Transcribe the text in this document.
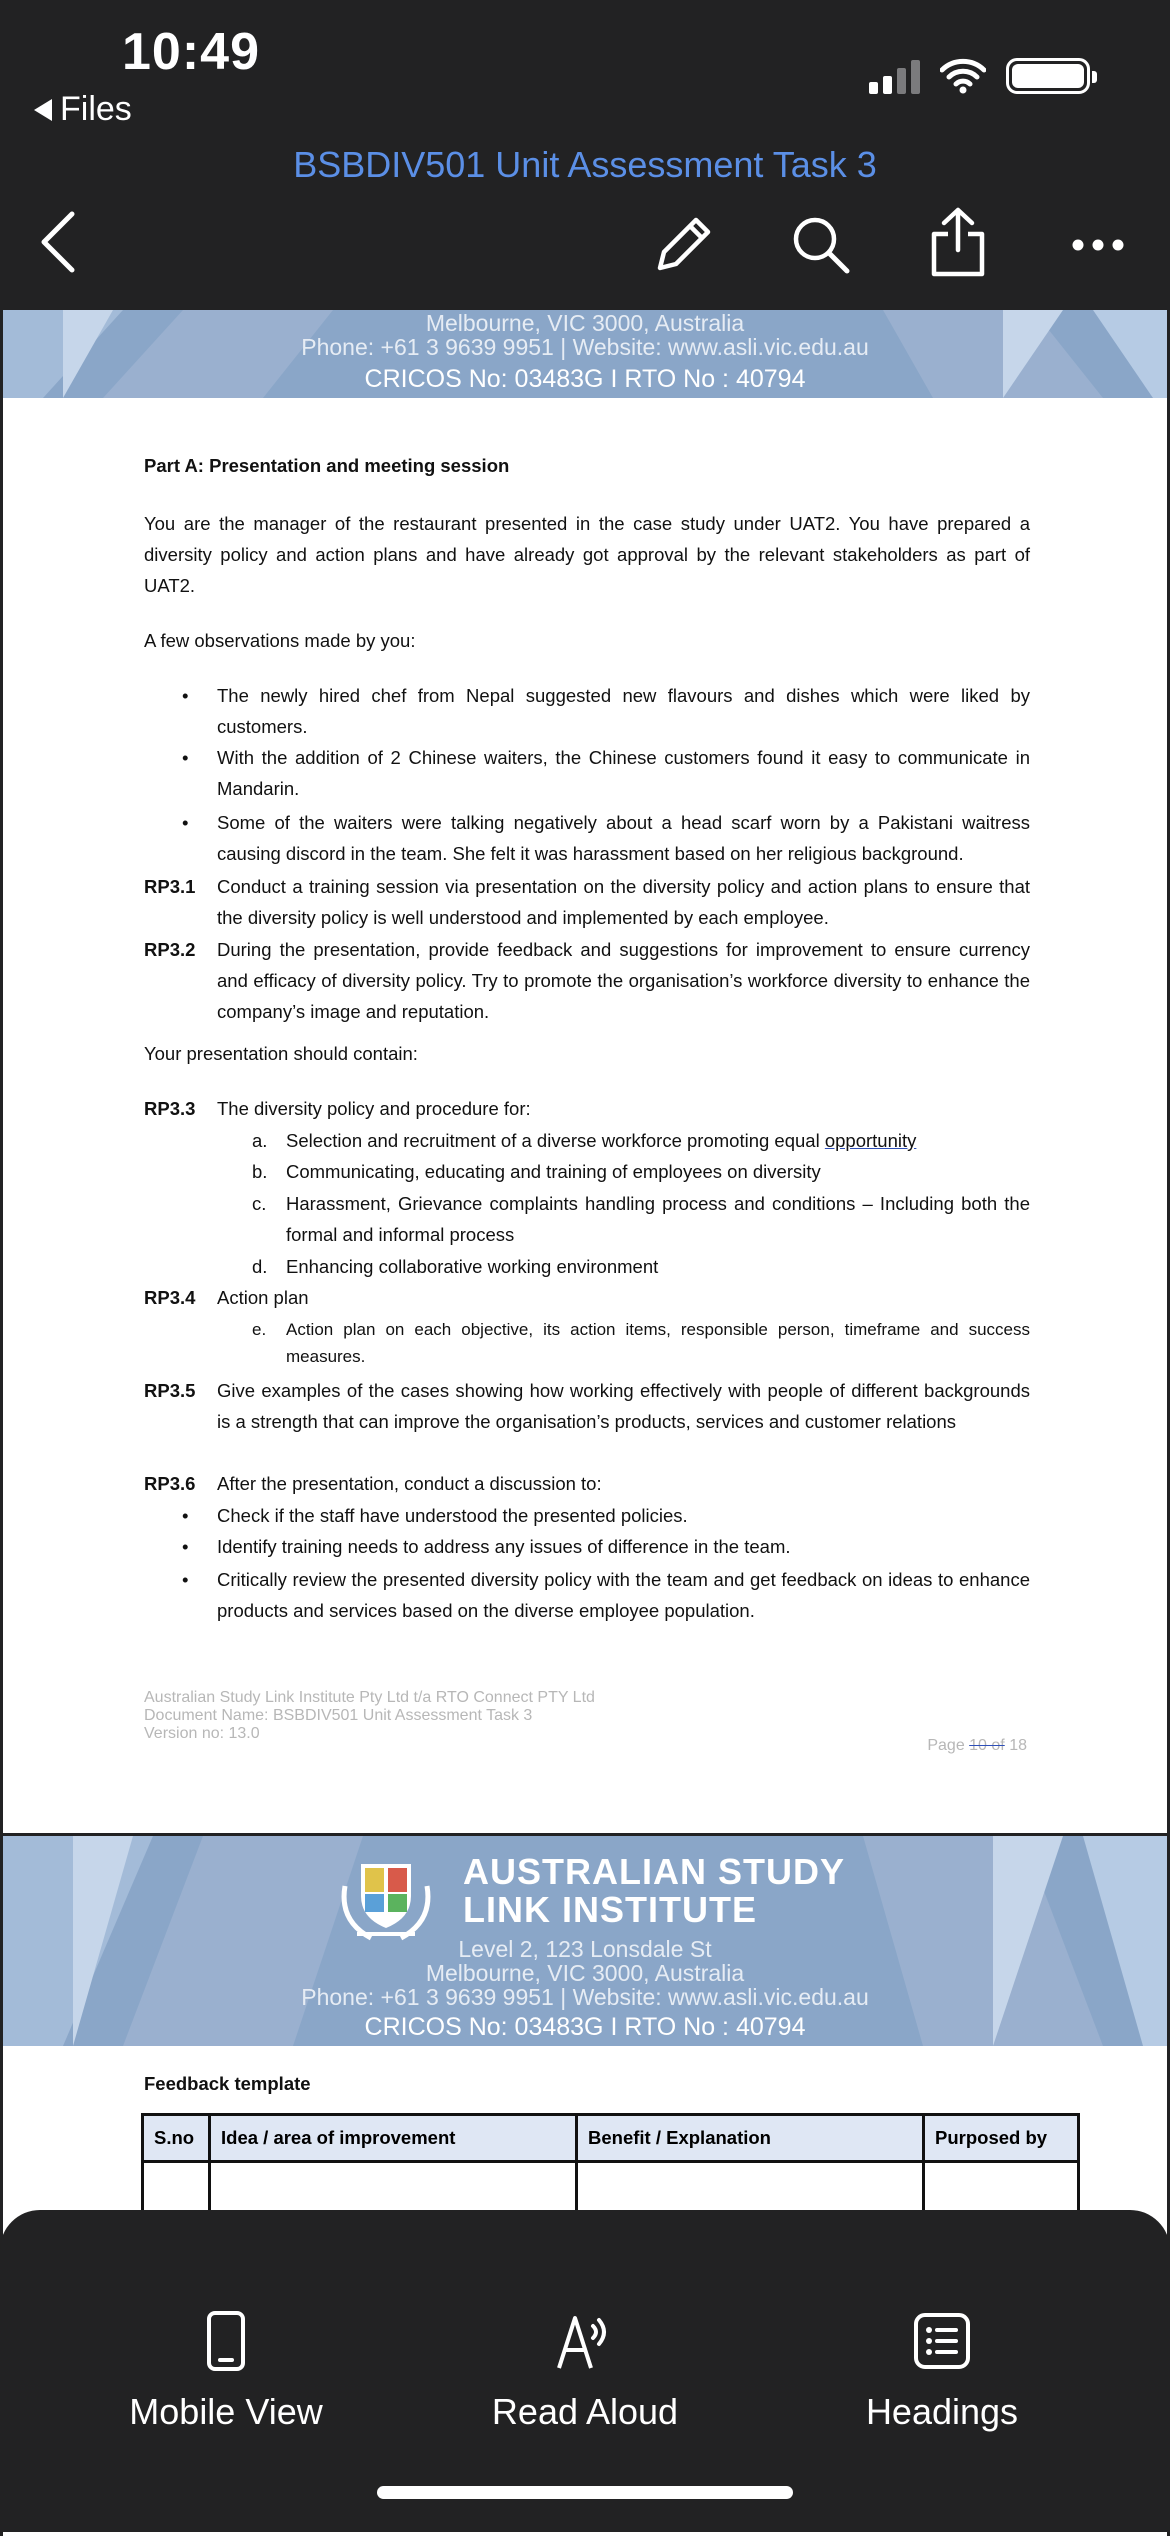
10:49
Files
BSBDIV501 Unit Assessment Task 3
Melbourne, VIC 3000, Australia
Phone: +61 3 9639 9951 | Website: www.asli.vic.edu.au
CRICOS No: 03483G I RTO No : 40794
Part A: Presentation and meeting session
You are the manager of the restaurant presented in the case study under UAT2. You have prepared a diversity policy and action plans and have already got approval by the relevant stakeholders as part of UAT2.
A few observations made by you:
• The newly hired chef from Nepal suggested new flavours and dishes which were liked by customers.
• With the addition of 2 Chinese waiters, the Chinese customers found it easy to communicate in Mandarin.
• Some of the waiters were talking negatively about a head scarf worn by a Pakistani waitress causing discord in the team. She felt it was harassment based on her religious background.
RP3.1 Conduct a training session via presentation on the diversity policy and action plans to ensure that the diversity policy is well understood and implemented by each employee.
RP3.2 During the presentation, provide feedback and suggestions for improvement to ensure currency and efficacy of diversity policy. Try to promote the organisation’s workforce diversity to enhance the company’s image and reputation.
Your presentation should contain:
RP3.3 The diversity policy and procedure for:
a. Selection and recruitment of a diverse workforce promoting equal opportunity
b. Communicating, educating and training of employees on diversity
c. Harassment, Grievance complaints handling process and conditions – Including both the formal and informal process
d. Enhancing collaborative working environment
RP3.4 Action plan
e. Action plan on each objective, its action items, responsible person, timeframe and success measures.
RP3.5 Give examples of the cases showing how working effectively with people of different backgrounds is a strength that can improve the organisation’s products, services and customer relations
RP3.6 After the presentation, conduct a discussion to:
• Check if the staff have understood the presented policies.
• Identify training needs to address any issues of difference in the team.
• Critically review the presented diversity policy with the team and get feedback on ideas to enhance products and services based on the diverse employee population.
Australian Study Link Institute Pty Ltd t/a RTO Connect PTY Ltd
Document Name: BSBDIV501 Unit Assessment Task 3
Version no: 13.0
Page 10 of 18
AUSTRALIAN STUDY
LINK INSTITUTE
Level 2, 123 Lonsdale St
Melbourne, VIC 3000, Australia
Phone: +61 3 9639 9951 | Website: www.asli.vic.edu.au
CRICOS No: 03483G I RTO No : 40794
Feedback template
S.no	Idea / area of improvement	Benefit / Explanation	Purposed by

Mobile View	Read Aloud	Headings
